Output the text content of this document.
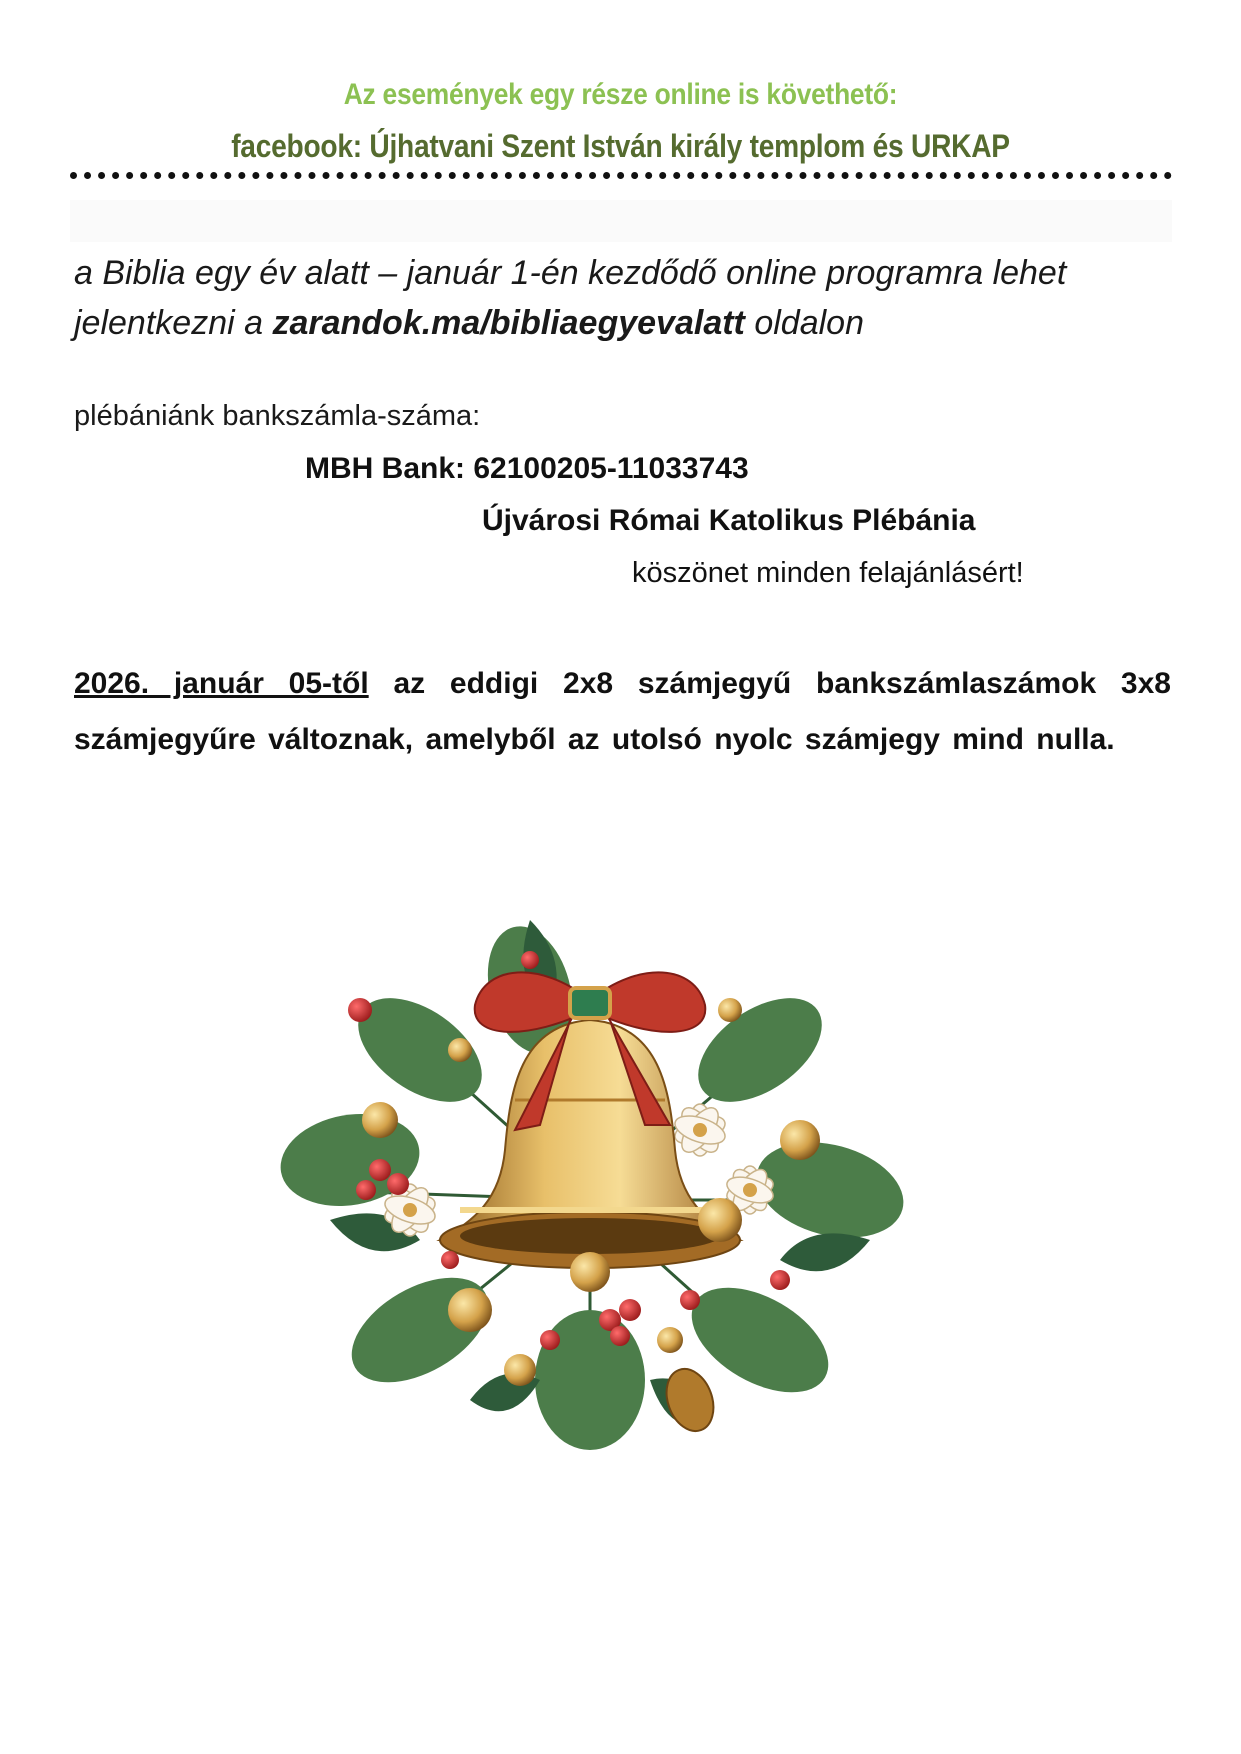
Az események egy része online is követhető:
facebook: Újhatvani Szent István király templom és URKAP
a Biblia egy év alatt – január 1-én kezdődő online programra lehet jelentkezni a zarandok.ma/bibliaegyevalatt oldalon
plébániánk bankszámla-száma:
MBH Bank: 62100205-11033743
Újvárosi Római Katolikus Plébánia
köszönet minden felajánlásért!
2026. január 05-től az eddigi 2x8 számjegyű bankszámlaszámok 3x8 számjegyűre változnak, amelyből az utolsó nyolc számjegy mind nulla.
